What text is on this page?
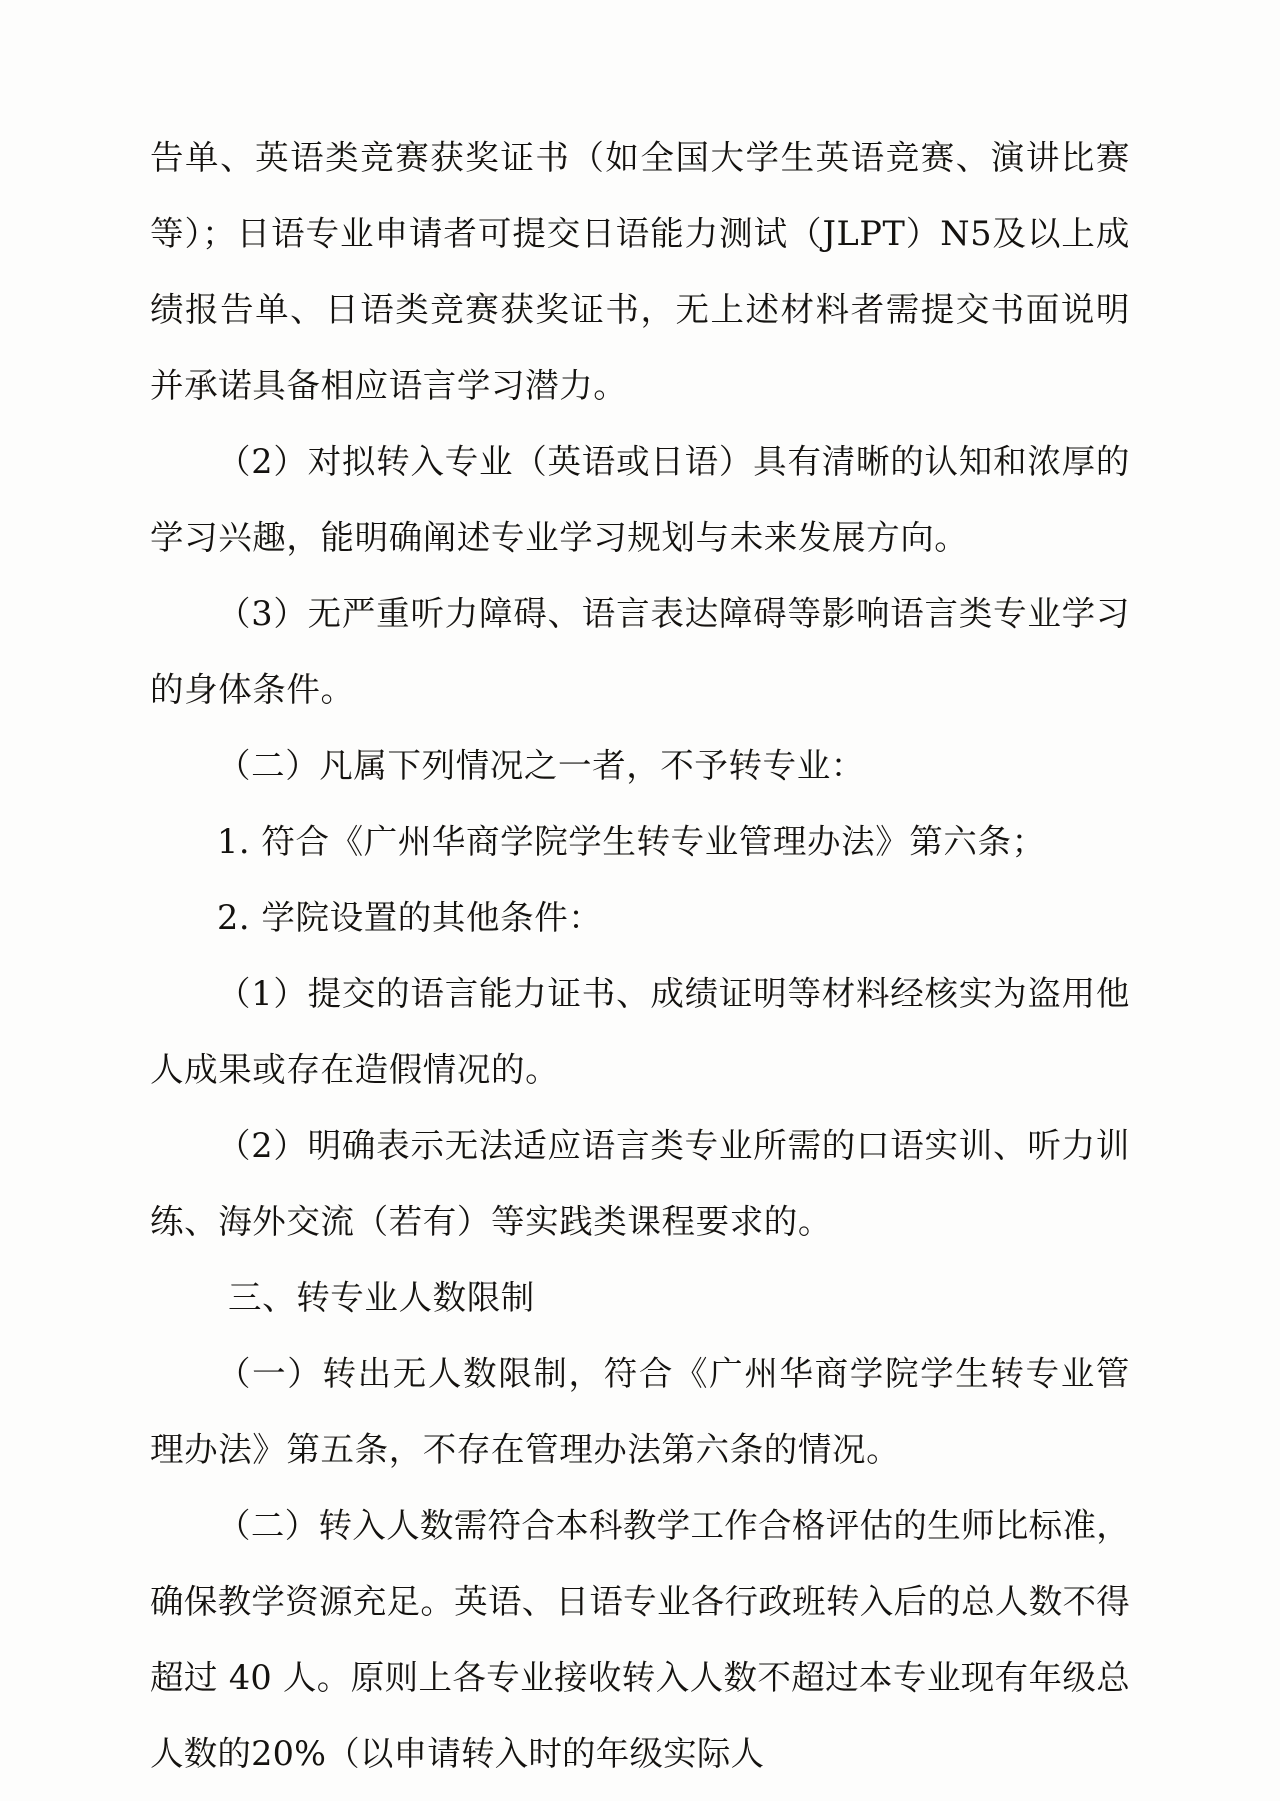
告单、英语类竞赛获奖证书（如全国大学生英语竞赛、演讲比赛等）；日语专业申请者可提交日语能力测试（JLPT）N5及以上成绩报告单、日语类竞赛获奖证书，无上述材料者需提交书面说明并承诺具备相应语言学习潜力。

（2）对拟转入专业（英语或日语）具有清晰的认知和浓厚的学习兴趣，能明确阐述专业学习规划与未来发展方向。

（3）无严重听力障碍、语言表达障碍等影响语言类专业学习的身体条件。

（二）凡属下列情况之一者，不予转专业：

1. 符合《广州华商学院学生转专业管理办法》第六条；

2. 学院设置的其他条件：

（1）提交的语言能力证书、成绩证明等材料经核实为盗用他人成果或存在造假情况的。

（2）明确表示无法适应语言类专业所需的口语实训、听力训练、海外交流（若有）等实践类课程要求的。

三、转专业人数限制

（一）转出无人数限制，符合《广州华商学院学生转专业管理办法》第五条，不存在管理办法第六条的情况。

（二）转入人数需符合本科教学工作合格评估的生师比标准，确保教学资源充足。英语、日语专业各行政班转入后的总人数不得超过 40 人。原则上各专业接收转入人数不超过本专业现有年级总人数的20%（以申请转入时的年级实际人
